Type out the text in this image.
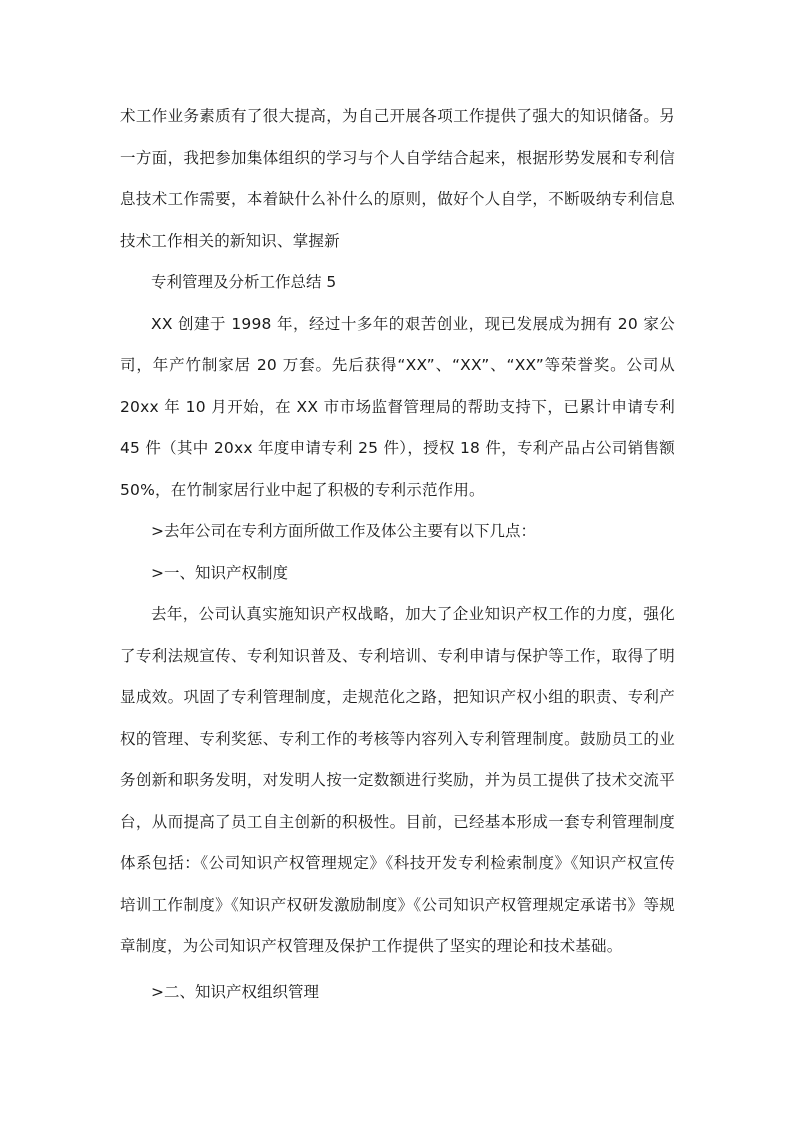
术工作业务素质有了很大提高，为自己开展各项工作提供了强大的知识储备。另一方面，我把参加集体组织的学习与个人自学结合起来，根据形势发展和专利信息技术工作需要，本着缺什么补什么的原则，做好个人自学，不断吸纳专利信息技术工作相关的新知识、掌握新

专利管理及分析工作总结 5

XX 创建于 1998 年，经过十多年的艰苦创业，现已发展成为拥有 20 家公司，年产竹制家居 20 万套。先后获得“XX”、“XX”、“XX”等荣誉奖。公司从 20xx 年 10 月开始，在 XX 市市场监督管理局的帮助支持下，已累计申请专利 45 件（其中 20xx 年度申请专利 25 件），授权 18 件，专利产品占公司销售额 50%，在竹制家居行业中起了积极的专利示范作用。

>去年公司在专利方面所做工作及体公主要有以下几点：

>一、知识产权制度

去年，公司认真实施知识产权战略，加大了企业知识产权工作的力度，强化了专利法规宣传、专利知识普及、专利培训、专利申请与保护等工作，取得了明显成效。巩固了专利管理制度，走规范化之路，把知识产权小组的职责、专利产权的管理、专利奖惩、专利工作的考核等内容列入专利管理制度。鼓励员工的业务创新和职务发明，对发明人按一定数额进行奖励，并为员工提供了技术交流平台，从而提高了员工自主创新的积极性。目前，已经基本形成一套专利管理制度体系包括：《公司知识产权管理规定》《科技开发专利检索制度》《知识产权宣传培训工作制度》《知识产权研发激励制度》《公司知识产权管理规定承诺书》等规章制度，为公司知识产权管理及保护工作提供了坚实的理论和技术基础。

>二、知识产权组织管理
